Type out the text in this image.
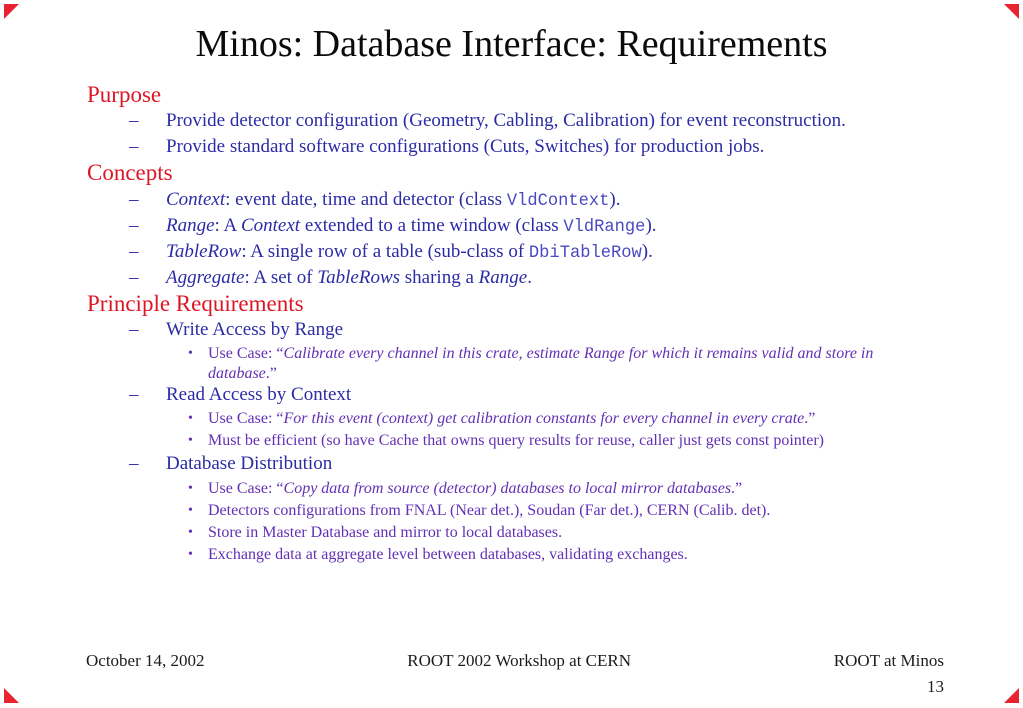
Minos: Database Interface: Requirements
Purpose
– Provide detector configuration (Geometry, Cabling, Calibration) for event reconstruction.
– Provide standard software configurations (Cuts, Switches) for production jobs.
Concepts
– Context: event date, time and detector (class VldContext).
– Range: A Context extended to a time window (class VldRange).
– TableRow: A single row of a table (sub-class of DbiTableRow).
– Aggregate: A set of TableRows sharing a Range.
Principle Requirements
– Write Access by Range
• Use Case: “Calibrate every channel in this crate, estimate Range for which it remains valid and store in database.”
– Read Access by Context
• Use Case: “For this event (context) get calibration constants for every channel in every crate.”
• Must be efficient (so have Cache that owns query results for reuse, caller just gets const pointer)
– Database Distribution
• Use Case: “Copy data from source (detector) databases to local mirror databases.”
• Detectors configurations from FNAL (Near det.), Soudan (Far det.), CERN (Calib. det).
• Store in Master Database and mirror to local databases.
• Exchange data at aggregate level between databases, validating exchanges.
October 14, 2002	ROOT 2002 Workshop at CERN	ROOT at Minos
13
